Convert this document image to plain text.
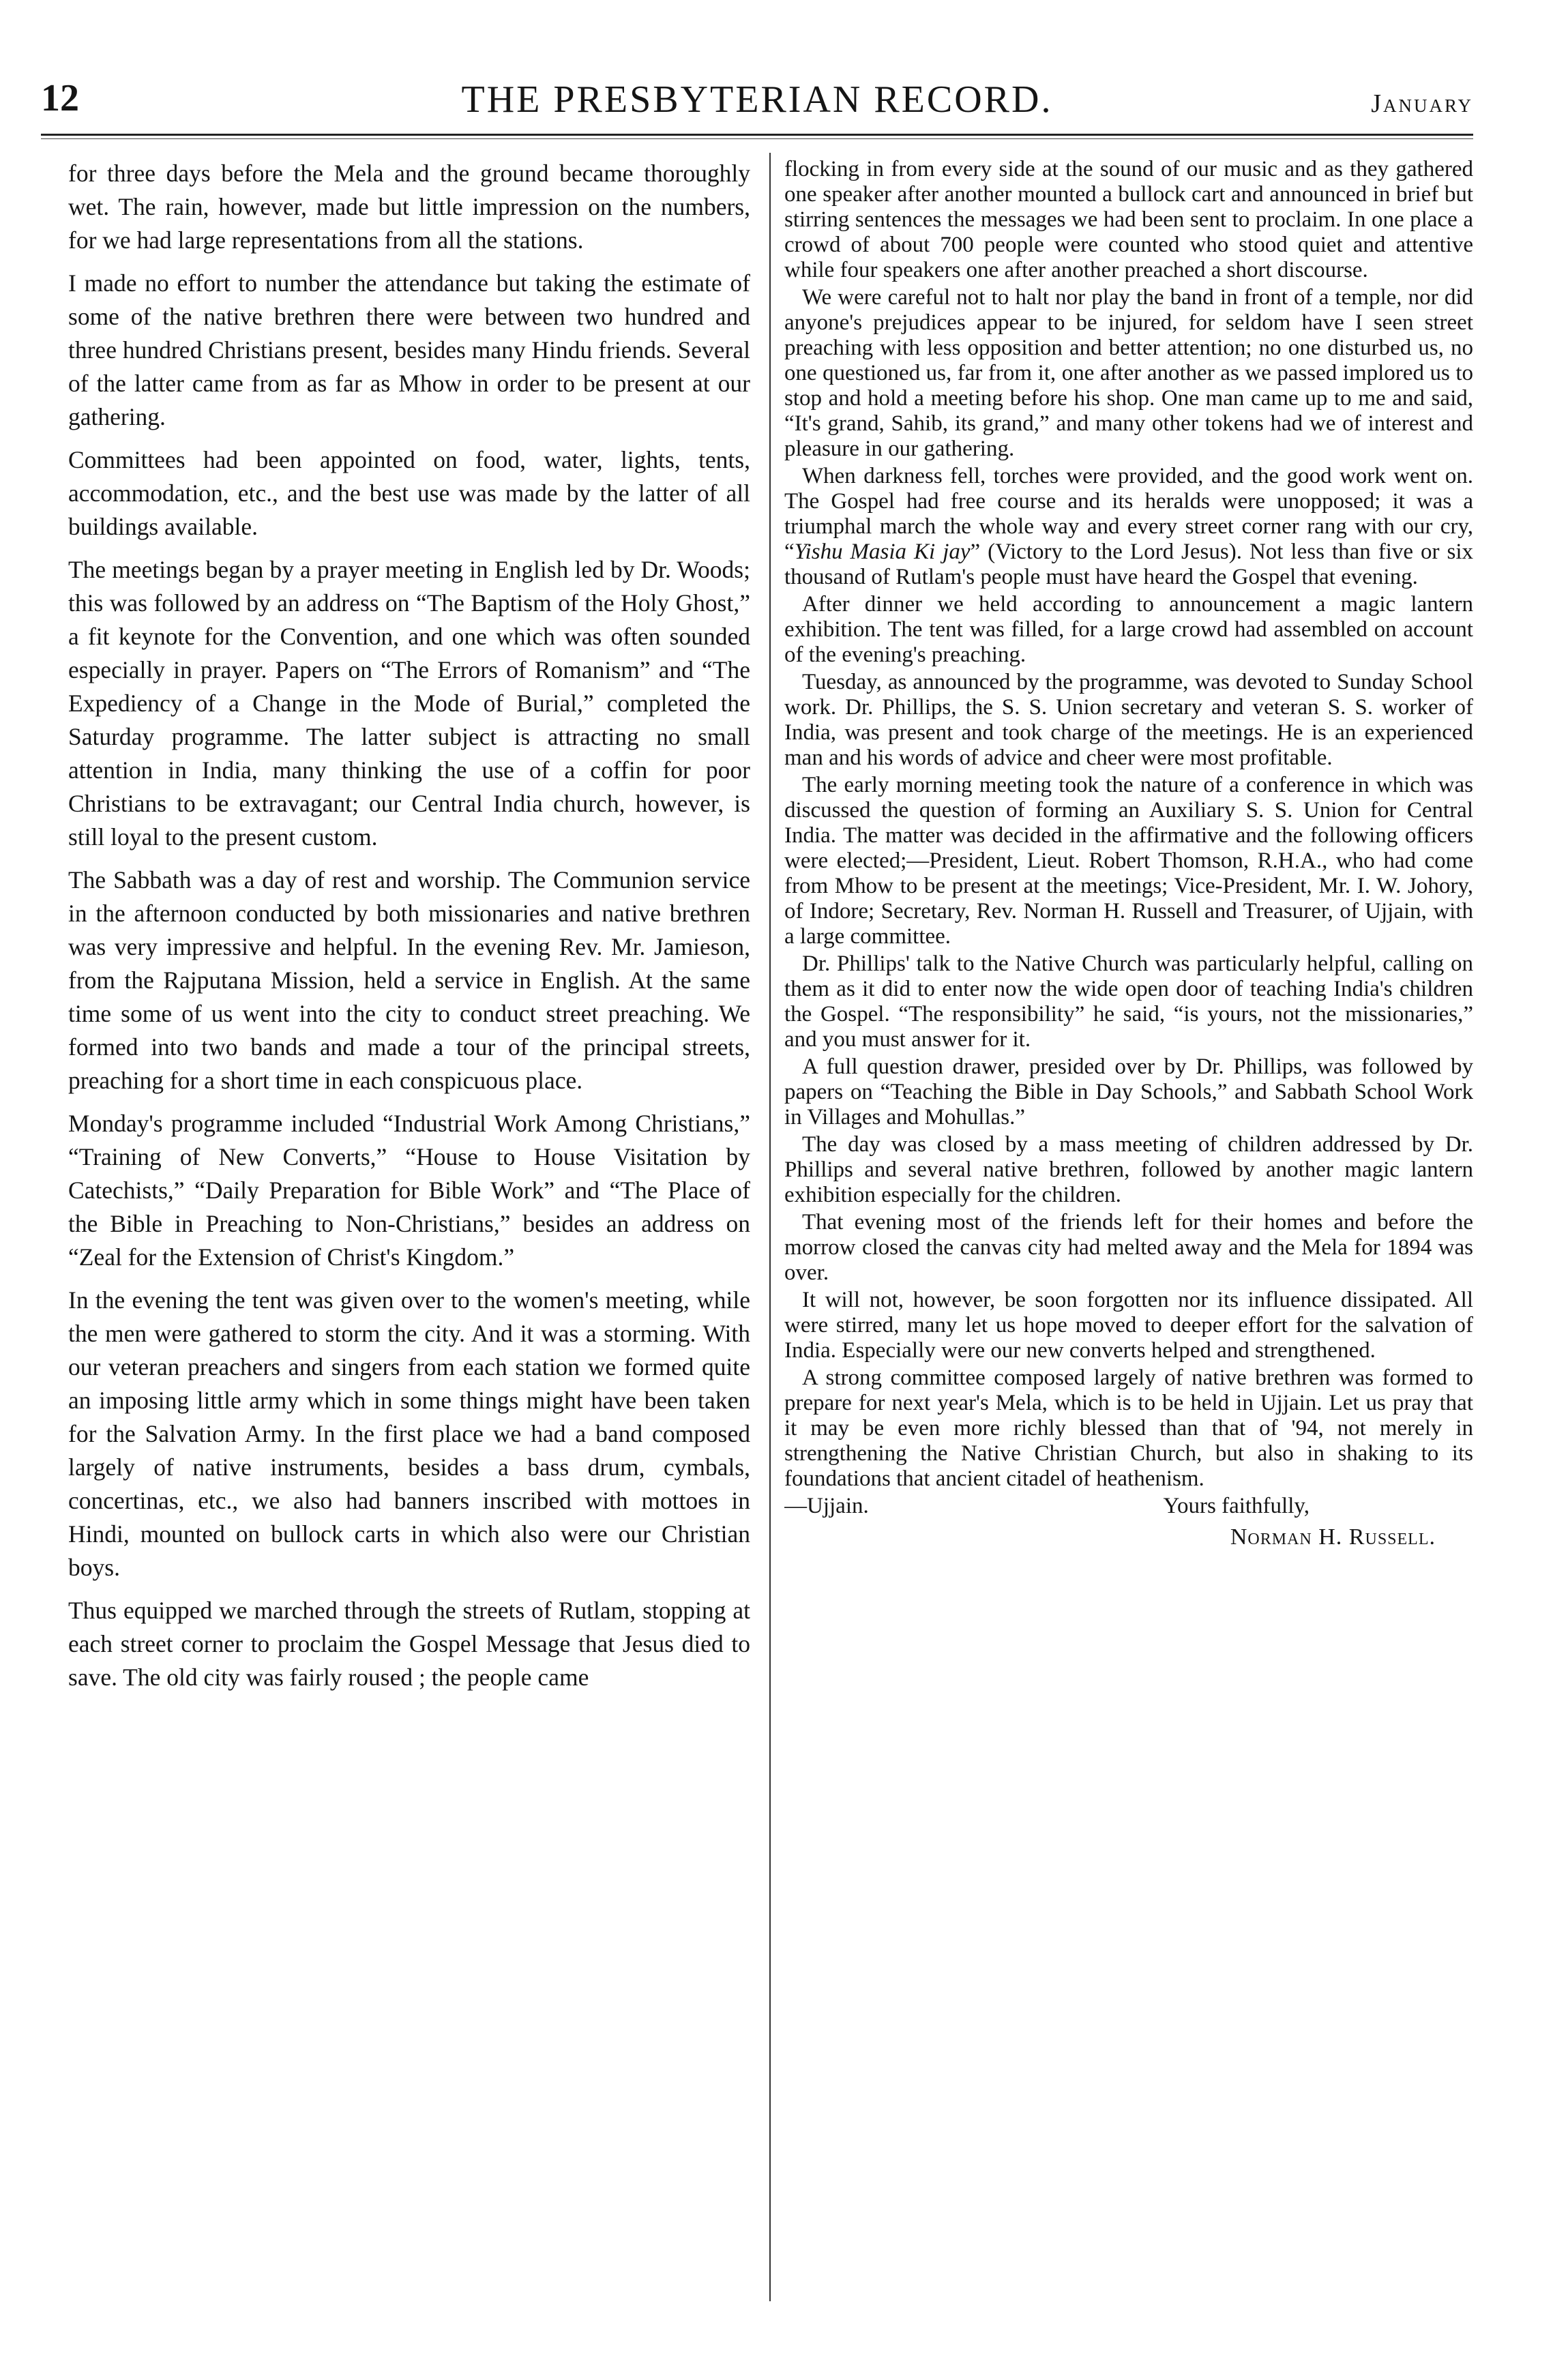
12	THE PRESBYTERIAN RECORD.	January

for three days before the Mela and the ground became thoroughly wet. The rain, however, made but little impression on the numbers, for we had large representations from all the stations.

I made no effort to number the attendance but taking the estimate of some of the native brethren there were between two hundred and three hundred Christians present, besides many Hindu friends. Several of the latter came from as far as Mhow in order to be present at our gathering.

Committees had been appointed on food, water, lights, tents, accommodation, etc., and the best use was made by the latter of all buildings available.

The meetings began by a prayer meeting in English led by Dr. Woods; this was followed by an address on “The Baptism of the Holy Ghost,” a fit keynote for the Convention, and one which was often sounded especially in prayer. Papers on “The Errors of Romanism” and “The Expediency of a Change in the Mode of Burial,” completed the Saturday programme. The latter subject is attracting no small attention in India, many thinking the use of a coffin for poor Christians to be extravagant; our Central India church, however, is still loyal to the present custom.

The Sabbath was a day of rest and worship. The Communion service in the afternoon conducted by both missionaries and native brethren was very impressive and helpful. In the evening Rev. Mr. Jamieson, from the Rajputana Mission, held a service in English. At the same time some of us went into the city to conduct street preaching. We formed into two bands and made a tour of the principal streets, preaching for a short time in each conspicuous place.

Monday's programme included “Industrial Work Among Christians,” “Training of New Converts,” “House to House Visitation by Catechists,” “Daily Preparation for Bible Work” and “The Place of the Bible in Preaching to Non-Christians,” besides an address on “Zeal for the Extension of Christ's Kingdom.”

In the evening the tent was given over to the women's meeting, while the men were gathered to storm the city. And it was a storming. With our veteran preachers and singers from each station we formed quite an imposing little army which in some things might have been taken for the Salvation Army. In the first place we had a band composed largely of native instruments, besides a bass drum, cymbals, concertinas, etc., we also had banners inscribed with mottoes in Hindi, mounted on bullock carts in which also were our Christian boys.

Thus equipped we marched through the streets of Rutlam, stopping at each street corner to proclaim the Gospel Message that Jesus died to save. The old city was fairly roused ; the people came

flocking in from every side at the sound of our music and as they gathered one speaker after another mounted a bullock cart and announced in brief but stirring sentences the messages we had been sent to proclaim. In one place a crowd of about 700 people were counted who stood quiet and attentive while four speakers one after another preached a short discourse.

We were careful not to halt nor play the band in front of a temple, nor did anyone's prejudices appear to be injured, for seldom have I seen street preaching with less opposition and better attention; no one disturbed us, no one questioned us, far from it, one after another as we passed implored us to stop and hold a meeting before his shop. One man came up to me and said, “It's grand, Sahib, its grand,” and many other tokens had we of interest and pleasure in our gathering.

When darkness fell, torches were provided, and the good work went on. The Gospel had free course and its heralds were unopposed; it was a triumphal march the whole way and every street corner rang with our cry, “Yishu Masia Ki jay” (Victory to the Lord Jesus). Not less than five or six thousand of Rutlam's people must have heard the Gospel that evening.

After dinner we held according to announcement a magic lantern exhibition. The tent was filled, for a large crowd had assembled on account of the evening's preaching.

Tuesday, as announced by the programme, was devoted to Sunday School work. Dr. Phillips, the S. S. Union secretary and veteran S. S. worker of India, was present and took charge of the meetings. He is an experienced man and his words of advice and cheer were most profitable.

The early morning meeting took the nature of a conference in which was discussed the question of forming an Auxiliary S. S. Union for Central India. The matter was decided in the affirmative and the following officers were elected;—President, Lieut. Robert Thomson, R.H.A., who had come from Mhow to be present at the meetings; Vice-President, Mr. I. W. Johory, of Indore; Secretary, Rev. Norman H. Russell and Treasurer, of Ujjain, with a large committee.

Dr. Phillips' talk to the Native Church was particularly helpful, calling on them as it did to enter now the wide open door of teaching India's children the Gospel. “The responsibility” he said, “is yours, not the missionaries,” and you must answer for it.

A full question drawer, presided over by Dr. Phillips, was followed by papers on “Teaching the Bible in Day Schools,” and Sabbath School Work in Villages and Mohullas.”

The day was closed by a mass meeting of children addressed by Dr. Phillips and several native brethren, followed by another magic lantern exhibition especially for the children.

That evening most of the friends left for their homes and before the morrow closed the canvas city had melted away and the Mela for 1894 was over.

It will not, however, be soon forgotten nor its influence dissipated. All were stirred, many let us hope moved to deeper effort for the salvation of India. Especially were our new converts helped and strengthened.

A strong committee composed largely of native brethren was formed to prepare for next year's Mela, which is to be held in Ujjain. Let us pray that it may be even more richly blessed than that of '94, not merely in strengthening the Native Christian Church, but also in shaking to its foundations that ancient citadel of heathenism.

—Ujjain.	Yours faithfully,

Norman H. Russell.
